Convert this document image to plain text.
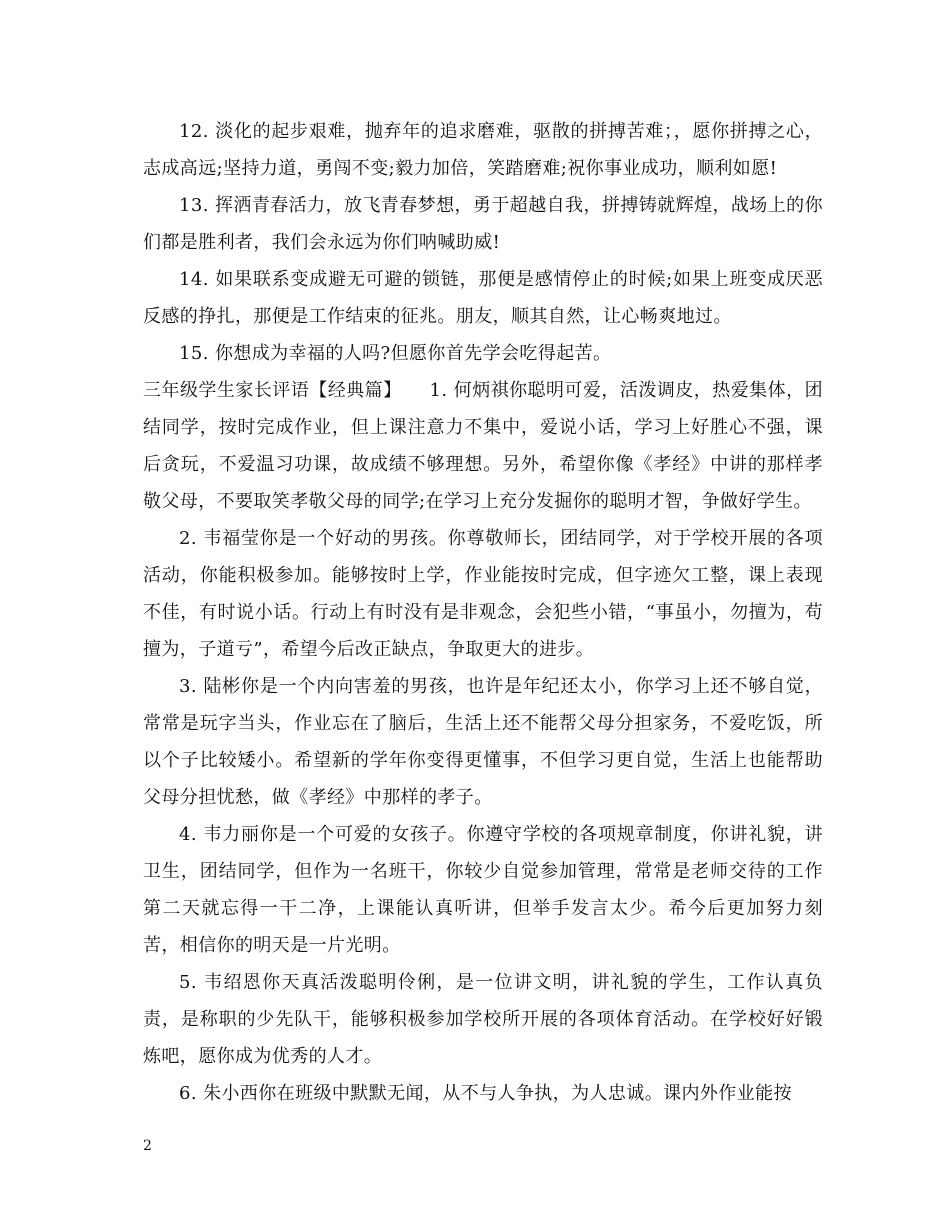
12. 淡化的起步艰难，抛弃年的追求磨难，驱散的拼搏苦难；，愿你拼搏之心，志成高远;坚持力道，勇闯不变;毅力加倍，笑踏磨难;祝你事业成功，顺利如愿!

13. 挥洒青春活力，放飞青春梦想，勇于超越自我，拼搏铸就辉煌，战场上的你们都是胜利者，我们会永远为你们呐喊助威!

14. 如果联系变成避无可避的锁链，那便是感情停止的时候;如果上班变成厌恶反感的挣扎，那便是工作结束的征兆。朋友，顺其自然，让心畅爽地过。

15. 你想成为幸福的人吗?但愿你首先学会吃得起苦。

三年级学生家长评语【经典篇】　　1. 何炳祺你聪明可爱，活泼调皮，热爱集体，团结同学，按时完成作业，但上课注意力不集中，爱说小话，学习上好胜心不强，课后贪玩，不爱温习功课，故成绩不够理想。另外，希望你像《孝经》中讲的那样孝敬父母，不要取笑孝敬父母的同学;在学习上充分发掘你的聪明才智，争做好学生。

2. 韦福莹你是一个好动的男孩。你尊敬师长，团结同学，对于学校开展的各项活动，你能积极参加。能够按时上学，作业能按时完成，但字迹欠工整，课上表现不佳，有时说小话。行动上有时没有是非观念，会犯些小错，“事虽小，勿擅为，苟擅为，子道亏”，希望今后改正缺点，争取更大的进步。

3. 陆彬你是一个内向害羞的男孩，也许是年纪还太小，你学习上还不够自觉，常常是玩字当头，作业忘在了脑后，生活上还不能帮父母分担家务，不爱吃饭，所以个子比较矮小。希望新的学年你变得更懂事，不但学习更自觉，生活上也能帮助父母分担忧愁，做《孝经》中那样的孝子。

4. 韦力丽你是一个可爱的女孩子。你遵守学校的各项规章制度，你讲礼貌，讲卫生，团结同学，但作为一名班干，你较少自觉参加管理，常常是老师交待的工作第二天就忘得一干二净，上课能认真听讲，但举手发言太少。希今后更加努力刻苦，相信你的明天是一片光明。

5. 韦绍恩你天真活泼聪明伶俐，是一位讲文明，讲礼貌的学生，工作认真负责，是称职的少先队干，能够积极参加学校所开展的各项体育活动。在学校好好锻炼吧，愿你成为优秀的人才。

6. 朱小西你在班级中默默无闻，从不与人争执，为人忠诚。课内外作业能按

2
